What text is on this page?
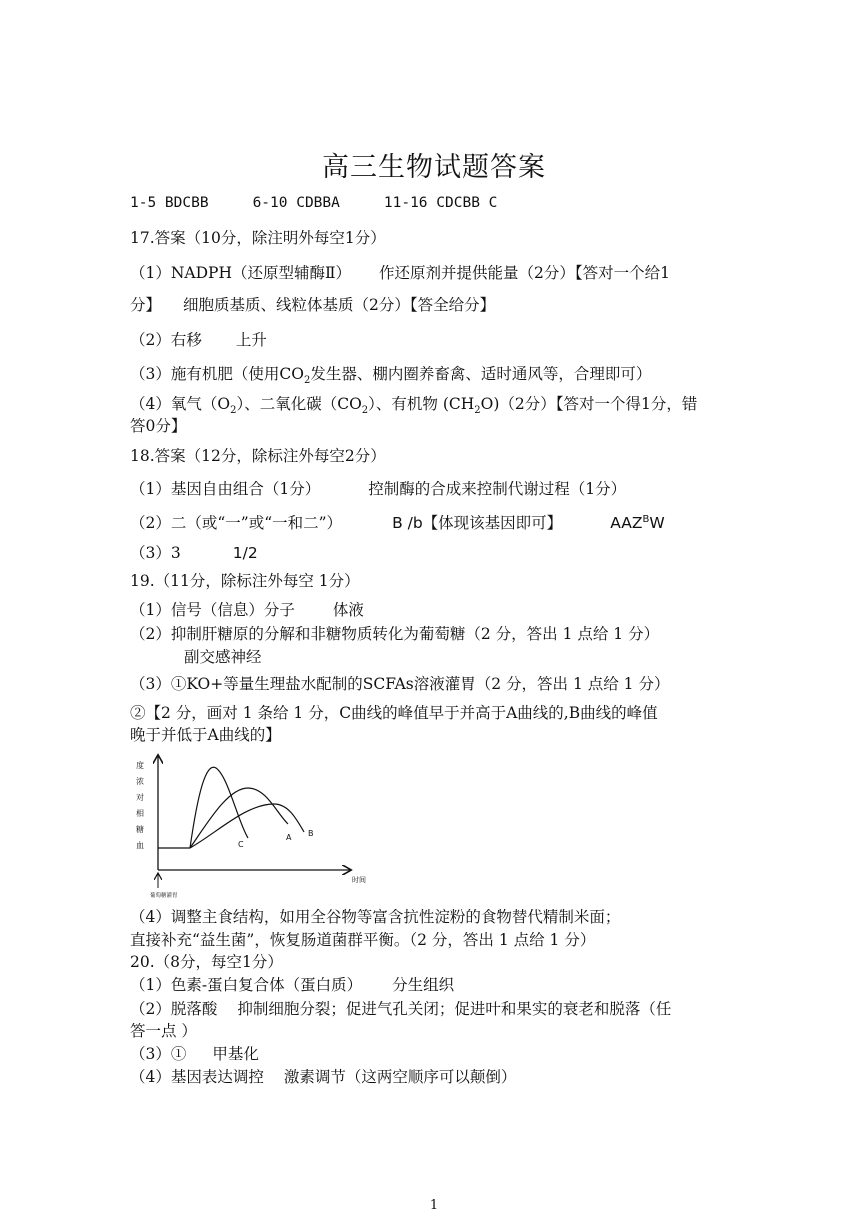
高三生物试题答案
1-5 BDCBB	6-10 CDBBA	11-16 CDCBB C
17.答案（10分，除注明外每空1分）
（1）NADPH（还原型辅酶Ⅱ） 作还原剂并提供能量（2分）【答对一个给1
分】 细胞质基质、线粒体基质（2分）【答全给分】
（2）右移 上升
（3）施有机肥（使用$CO_2$发生器、棚内圈养畜禽、适时通风等，合理即可）
（4）氧气$(O_2)$、二氧化碳$(CO_2)$、有机物 $(CH_2O)(2$分）【答对一个得1分，错
答0分】
18.答案（12分，除标注外每空2分）
（1）基因自由组合（1分）	控制酶的合成来控制代谢过程（1分）
（2）二（或“一”或“一和二”）	B /b【体现该基因即可】	$AAZ^BW$
（3）3	1/2
19.（11分，除标注外每空 1分）
（1）信号（信息）分子 体液
（2）抑制肝糖原的分解和非糖物质转化为葡萄糖（2 分，答出 1 点给 1 分）
副交感神经
（3）①KO+等量生理盐水配制的SCFAs溶液灌胃（2 分，答出 1 点给 1 分）
②【2 分，画对 1 条给 1 分，C曲线的峰值早于并高于A曲线的,B曲线的峰值
晚于并低于A曲线的】
度
浓
对
相
糖
血	C
A B
葡萄糖灌胃
时间
（4）调整主食结构，如用全谷物等富含抗性淀粉的食物替代精制米面；
直接补充“益生菌”，恢复肠道菌群平衡。（2 分，答出 1 点给 1 分）
20.（8分，每空1分）
（1）色素-蛋白复合体（蛋白质） 分生组织
（2）脱落酸 抑制细胞分裂；促进气孔关闭；促进叶和果实的衰老和脱落（任
答一点 ）
（3）① 甲基化
（4）基因表达调控 激素调节（这两空顺序可以颠倒）
1
